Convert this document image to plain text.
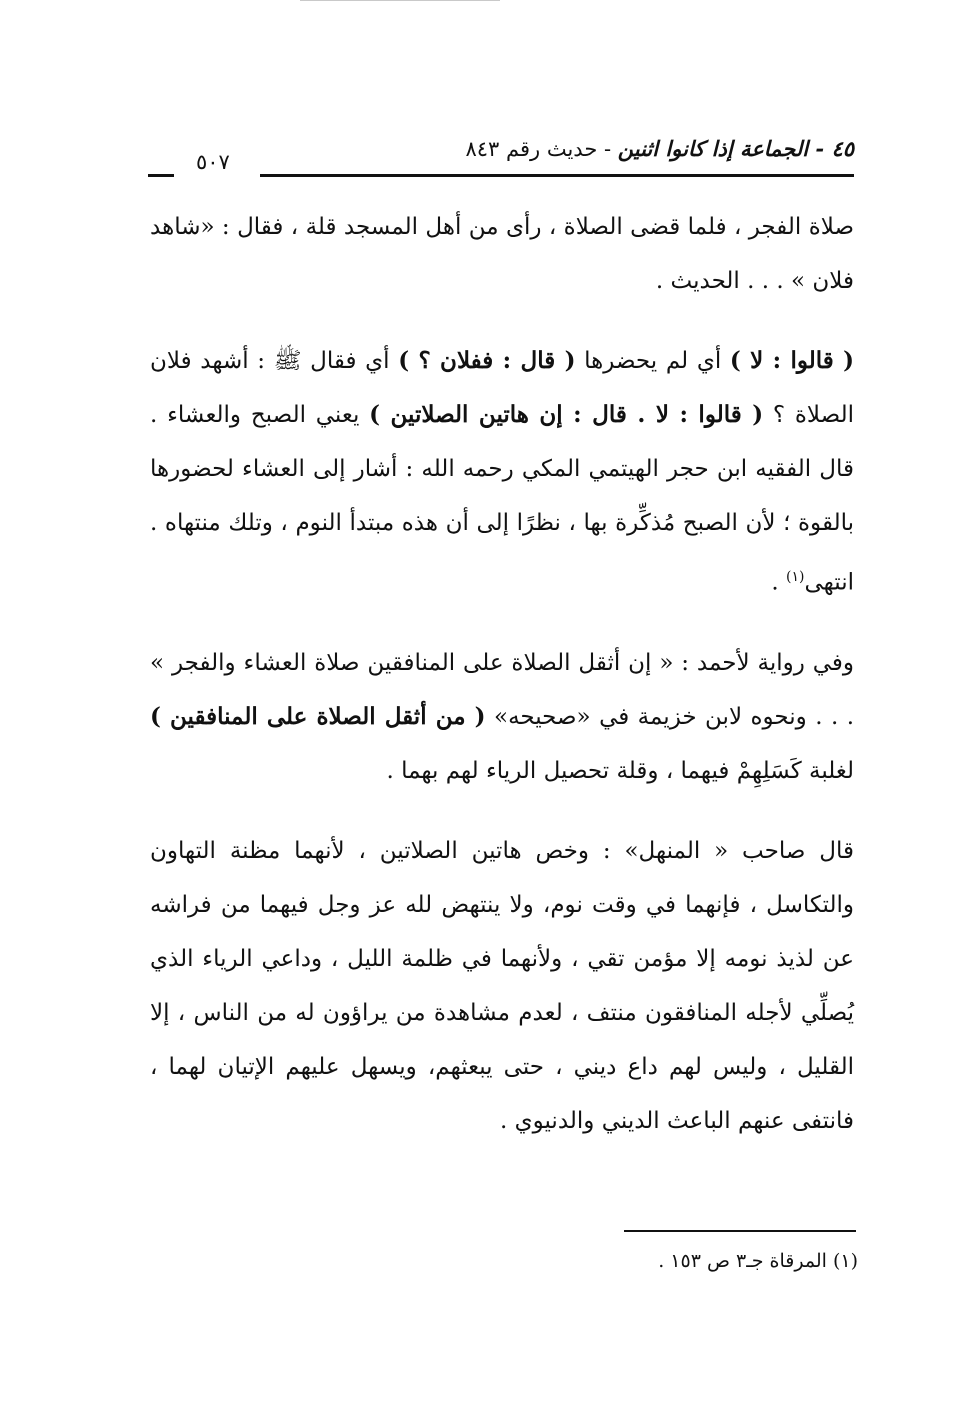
٤٥ - الجماعة إذا كانوا اثنين - حديث رقم ٨٤٣
٥٠٧

صلاة الفجر ، فلما قضى الصلاة ، رأى من أهل المسجد قلة ، فقال : «شاهد فلان » . . . الحديث .

( قالوا : لا ) أي لم يحضرها ( قال : ففلان ؟ ) أي فقال ﷺ : أشهد فلان الصلاة ؟ ( قالوا : لا . قال : إن هاتين الصلاتين ) يعني الصبح والعشاء . قال الفقيه ابن حجر الهيتمي المكي رحمه الله : أشار إلى العشاء لحضورها بالقوة ؛ لأن الصبح مُذكِّرة بها ، نظرًا إلى أن هذه مبتدأ النوم ، وتلك منتهاه . انتهى$^{(١)}$ .

وفي رواية لأحمد : « إن أثقل الصلاة على المنافقين صلاة العشاء والفجر » . . . ونحوه لابن خزيمة في «صحيحه» ( من أثقل الصلاة على المنافقين ) لغلبة كَسَلِهِمْ فيهما ، وقلة تحصيل الرياء لهم بهما .

قال صاحب « المنهل» : وخص هاتين الصلاتين ، لأنهما مظنة التهاون والتكاسل ، فإنهما في وقت نوم، ولا ينتهض لله عز وجل فيهما من فراشه عن لذيذ نومه إلا مؤمن تقي ، ولأنهما في ظلمة الليل ، وداعي الرياء الذي يُصلِّي لأجله المنافقون منتف ، لعدم مشاهدة من يراؤون له من الناس ، إلا القليل ، وليس لهم داع ديني ، حتى يبعثهم، ويسهل عليهم الإتيان لهما ، فانتفى عنهم الباعث الديني والدنيوي .

(١) المرقاة جـ٣ ص ١٥٣ .
